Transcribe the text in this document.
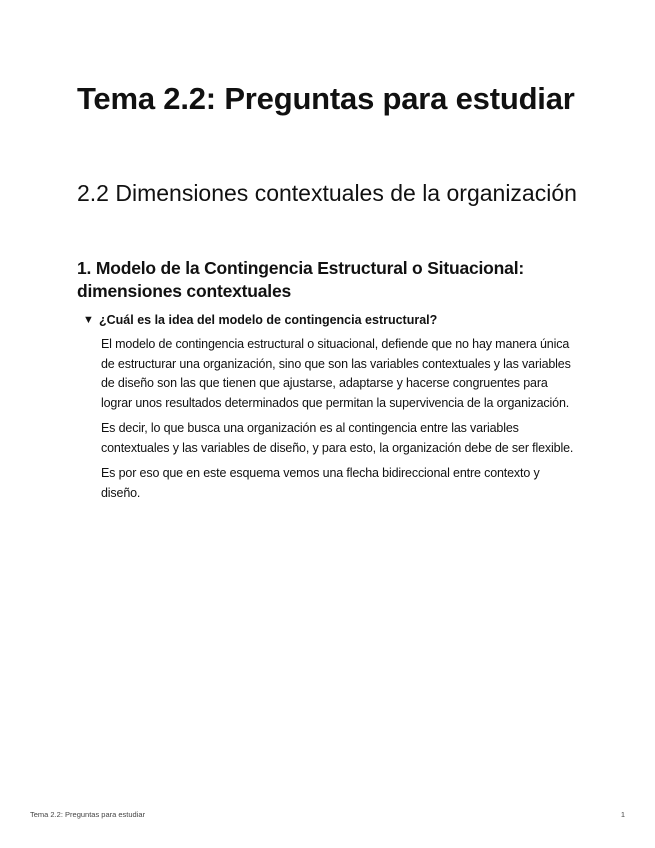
Tema 2.2: Preguntas para estudiar
2.2 Dimensiones contextuales de la organización
1. Modelo de la Contingencia Estructural o Situacional: dimensiones contextuales
▼ ¿Cuál es la idea del modelo de contingencia estructural?

El modelo de contingencia estructural o situacional, defiende que no hay manera única de estructurar una organización, sino que son las variables contextuales y las variables de diseño son las que tienen que ajustarse, adaptarse y hacerse congruentes para lograr unos resultados determinados que permitan la supervivencia de la organización.

Es decir, lo que busca una organización es al contingencia entre las variables contextuales y las variables de diseño, y para esto, la organización debe de ser flexible.

Es por eso que en este esquema vemos una flecha bidireccional entre contexto y diseño.

Tema 2.2: Preguntas para estudiar	1
